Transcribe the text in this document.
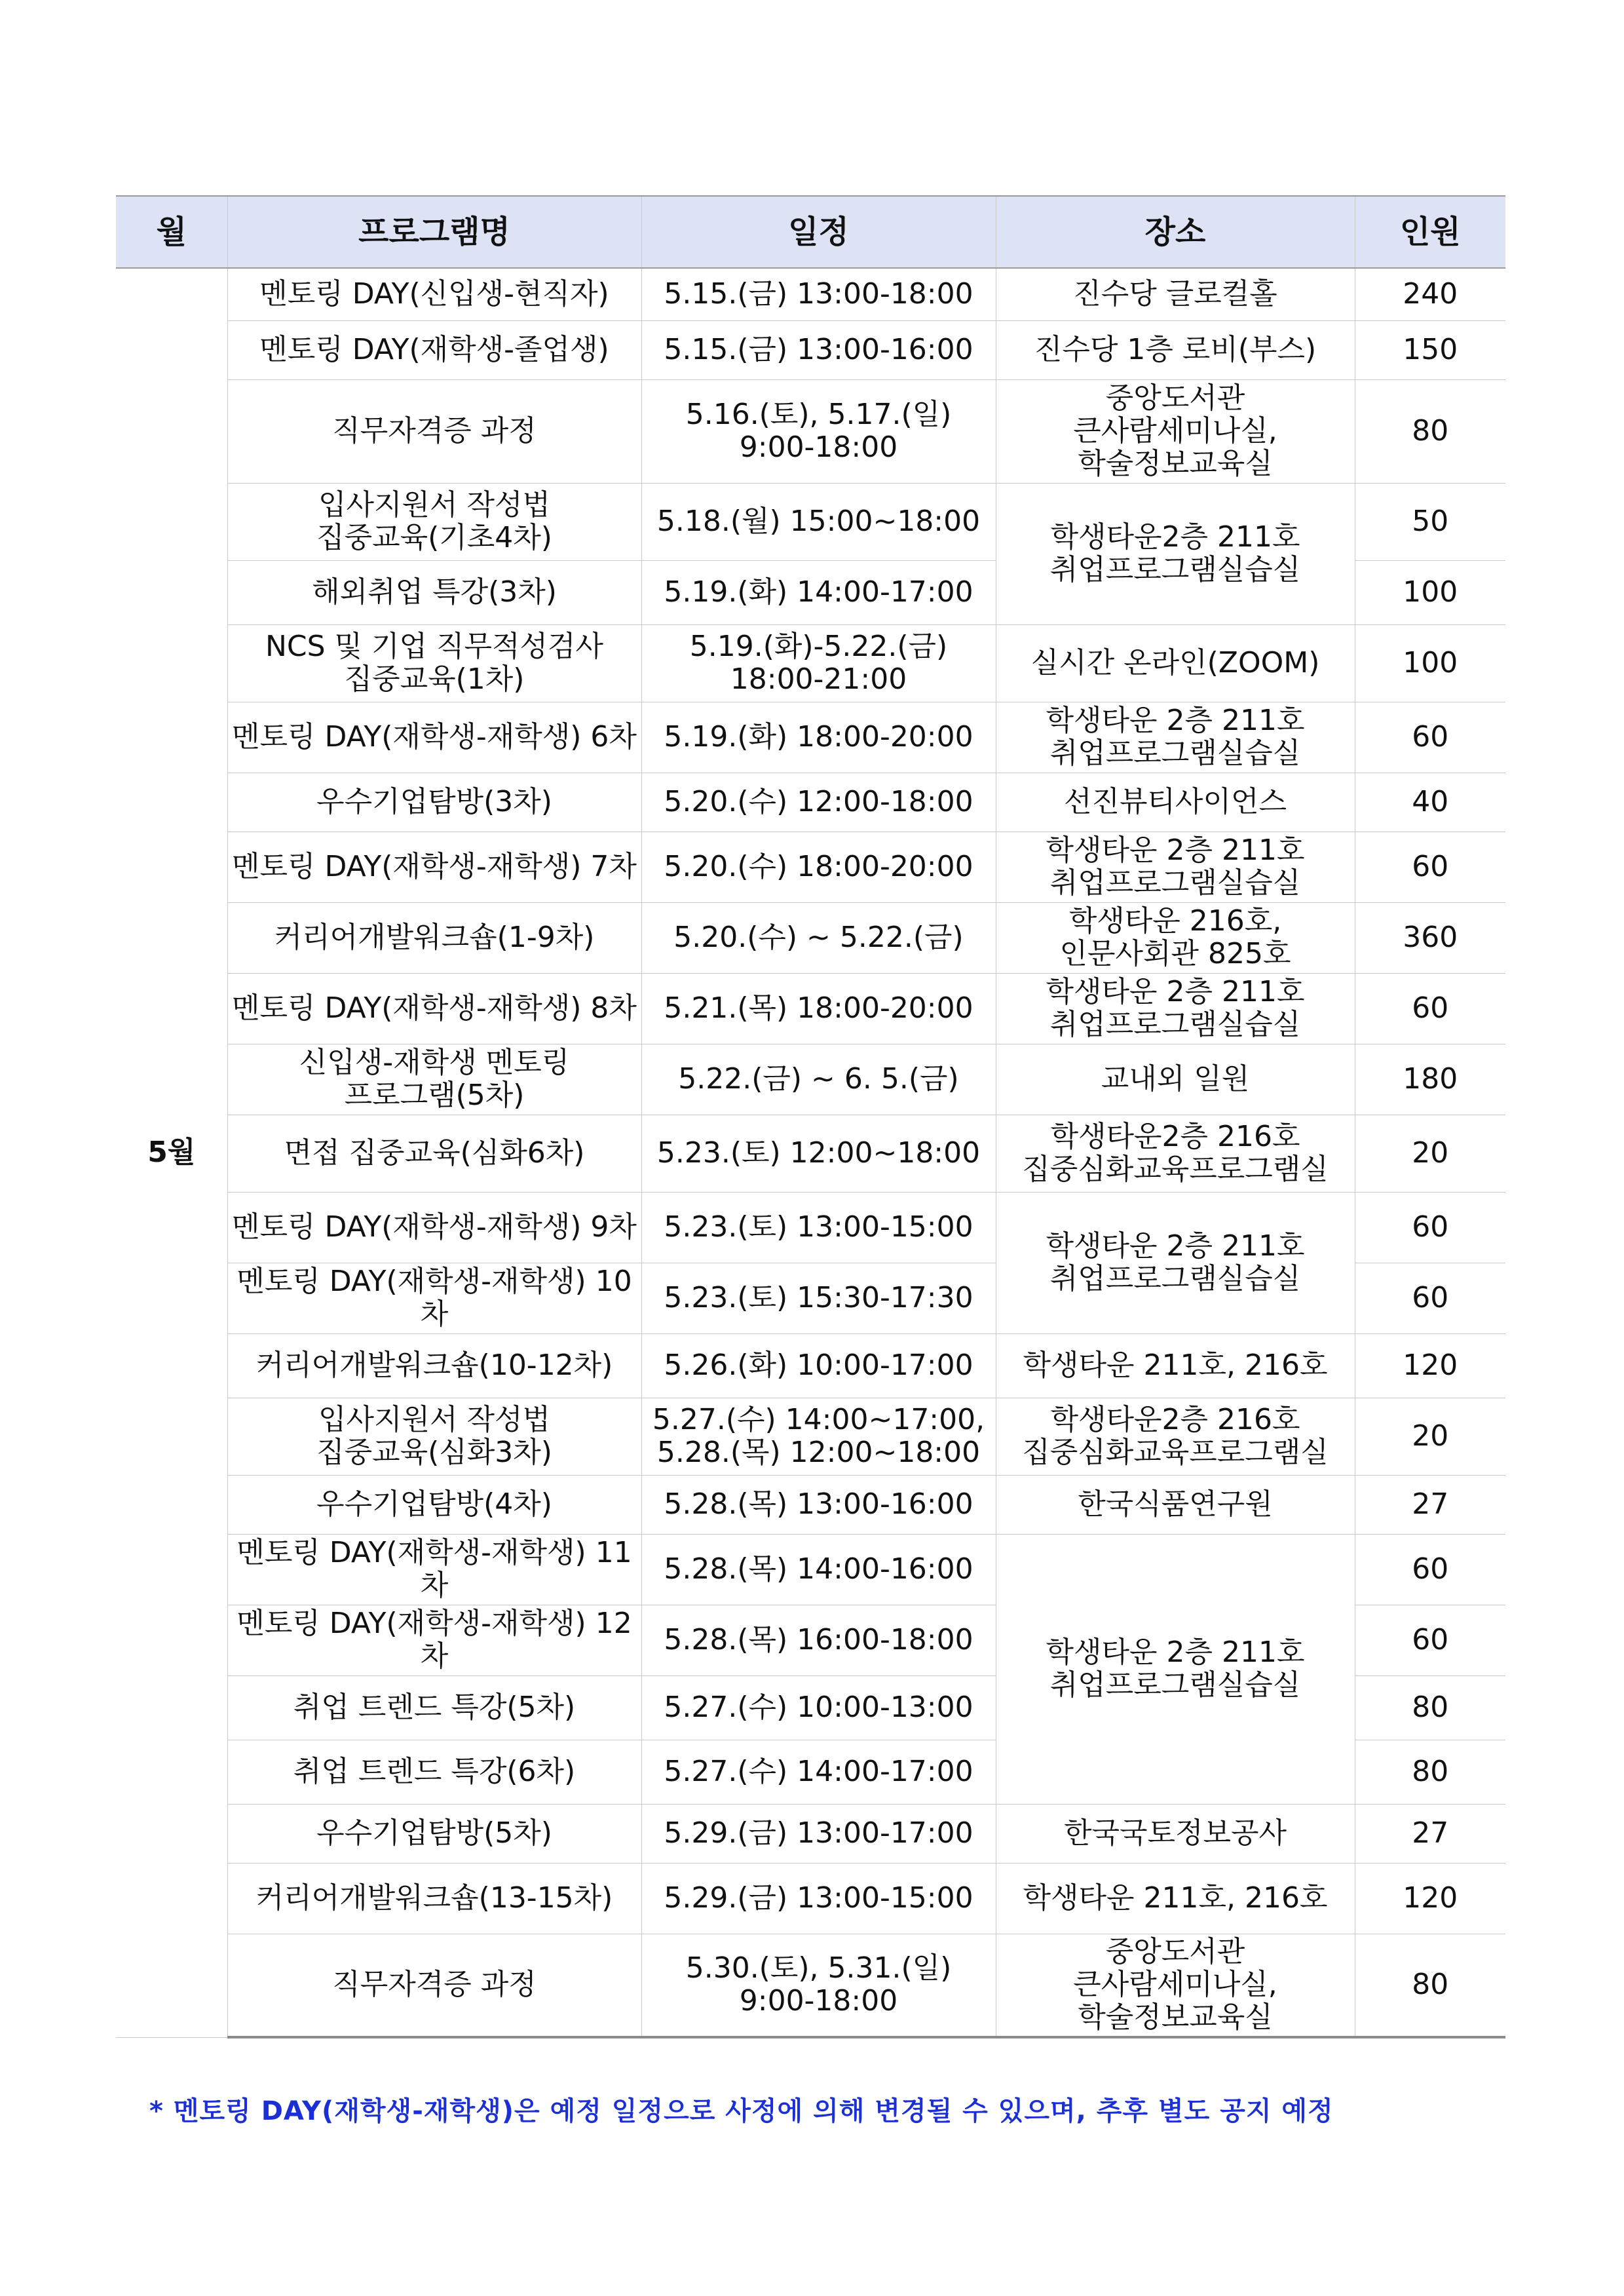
월	프로그램명	일정	장소	인원
5월	멘토링 DAY(신입생-현직자)	5.15.(금) 13:00-18:00	진수당 글로컬홀	240
	멘토링 DAY(재학생-졸업생)	5.15.(금) 13:00-16:00	진수당 1층 로비(부스)	150
	직무자격증 과정	5.16.(토), 5.17.(일)
9:00-18:00	중앙도서관
큰사람세미나실,
학술정보교육실	80
	입사지원서 작성법
집중교육(기초4차)	5.18.(월) 15:00~18:00	학생타운2층 211호
취업프로그램실습실	50
	해외취업 특강(3차)	5.19.(화) 14:00-17:00		100
	NCS 및 기업 직무적성검사
집중교육(1차)	5.19.(화)-5.22.(금)
18:00-21:00	실시간 온라인(ZOOM)	100
	멘토링 DAY(재학생-재학생) 6차	5.19.(화) 18:00-20:00	학생타운 2층 211호
취업프로그램실습실	60
	우수기업탐방(3차)	5.20.(수) 12:00-18:00	선진뷰티사이언스	40
	멘토링 DAY(재학생-재학생) 7차	5.20.(수) 18:00-20:00	학생타운 2층 211호
취업프로그램실습실	60
	커리어개발워크숍(1-9차)	5.20.(수) ~ 5.22.(금)	학생타운 216호,
인문사회관 825호	360
	멘토링 DAY(재학생-재학생) 8차	5.21.(목) 18:00-20:00	학생타운 2층 211호
취업프로그램실습실	60
	신입생-재학생 멘토링
프로그램(5차)	5.22.(금) ~ 6. 5.(금)	교내외 일원	180
	면접 집중교육(심화6차)	5.23.(토) 12:00~18:00	학생타운2층 216호
집중심화교육프로그램실	20
	멘토링 DAY(재학생-재학생) 9차	5.23.(토) 13:00-15:00	학생타운 2층 211호
취업프로그램실습실	60
	멘토링 DAY(재학생-재학생) 10차	5.23.(토) 15:30-17:30		60
	커리어개발워크숍(10-12차)	5.26.(화) 10:00-17:00	학생타운 211호, 216호	120
	입사지원서 작성법
집중교육(심화3차)	5.27.(수) 14:00~17:00,
5.28.(목) 12:00~18:00	학생타운2층 216호
집중심화교육프로그램실	20
	우수기업탐방(4차)	5.28.(목) 13:00-16:00	한국식품연구원	27
	멘토링 DAY(재학생-재학생) 11차	5.28.(목) 14:00-16:00	학생타운 2층 211호
취업프로그램실습실	60
	멘토링 DAY(재학생-재학생) 12차	5.28.(목) 16:00-18:00		60
	취업 트렌드 특강(5차)	5.27.(수) 10:00-13:00		80
	취업 트렌드 특강(6차)	5.27.(수) 14:00-17:00		80
	우수기업탐방(5차)	5.29.(금) 13:00-17:00	한국국토정보공사	27
	커리어개발워크숍(13-15차)	5.29.(금) 13:00-15:00	학생타운 211호, 216호	120
	직무자격증 과정	5.30.(토), 5.31.(일)
9:00-18:00	중앙도서관
큰사람세미나실,
학술정보교육실	80
* 멘토링 DAY(재학생-재학생)은 예정 일정으로 사정에 의해 변경될 수 있으며, 추후 별도 공지 예정
